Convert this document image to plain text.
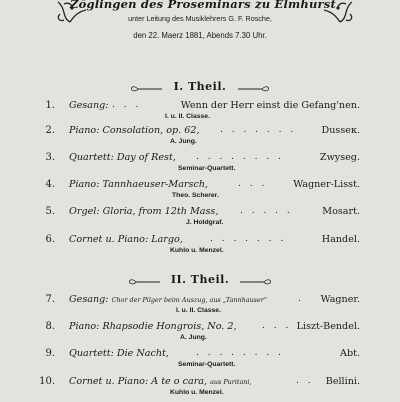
Zöglingen des Proseminars zu Elmhurst
unter Leitung des Musiklehrers G. F. Rosche,
den 22. Maerz 1881, Abends 7.30 Uhr.
I. Theil.
1. Gesang: . . .	Wenn der Herr einst die Gefang'nen.
I. u. II. Classe.
2. Piano: Consolation, op. 62, . . . . . . .	Dusseк.
A. Jung.
3. Quartett: Day of Rest, . . . . . . . .	Zwyseg.
Seminar-Quartett.
4. Piano: Tannhaeuser-Marsch,	. . .	Wagner-Lisst.
Theo. Scherer.
5. Orgel: Gloria, from 12th Mass, . . . . .	Mosart.
J. Holdgraf.
6. Cornet u. Piano: Largo,	. . . . . . .	Handel.
Kuhlo u. Menzel.
II. Theil.
7. Gesang: Chor der Pilger beim Auszug, aus „Tannhauser“	. Wagner.
I. u. II. Classe.
8. Piano: Rhapsodie Hongrois, No. 2,	. . . Liszt-Bendel.
A. Jung.
9. Quartett: Die Nacht,	. . . . . . . .	Abt.
Seminar-Quartett.
10. Cornet u. Piano: A te o cara, aus Puritani,	. . Bellini.
Kuhlo u. Menzel.
